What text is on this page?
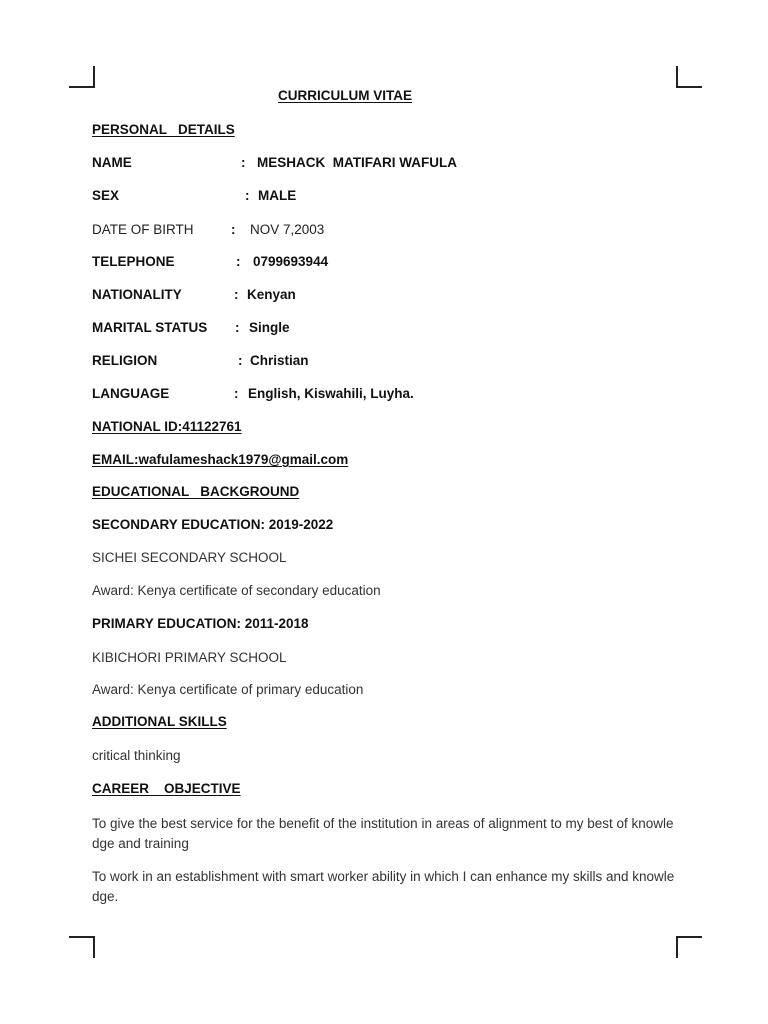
CURRICULUM VITAE
PERSONAL   DETAILS
NAME	: MESHACK  MATIFARI WAFULA
SEX	: MALE
DATE OF BIRTH	: NOV 7,2003
TELEPHONE	: 0799693944
NATIONALITY	: Kenyan
MARITAL STATUS : Single
RELIGION	: Christian
LANGUAGE	: English, Kiswahili, Luyha.
NATIONAL ID:41122761
EMAIL:wafulameshack1979@gmail.com
EDUCATIONAL   BACKGROUND
SECONDARY EDUCATION: 2019-2022
SICHEI SECONDARY SCHOOL
Award: Kenya certificate of secondary education
PRIMARY EDUCATION: 2011-2018
KIBICHORI PRIMARY SCHOOL
Award: Kenya certificate of primary education
ADDITIONAL SKILLS
critical thinking
CAREER    OBJECTIVE
To give the best service for the benefit of the institution in areas of alignment to my best of knowledge and training
To work in an establishment with smart worker ability in which I can enhance my skills and knowledge.
